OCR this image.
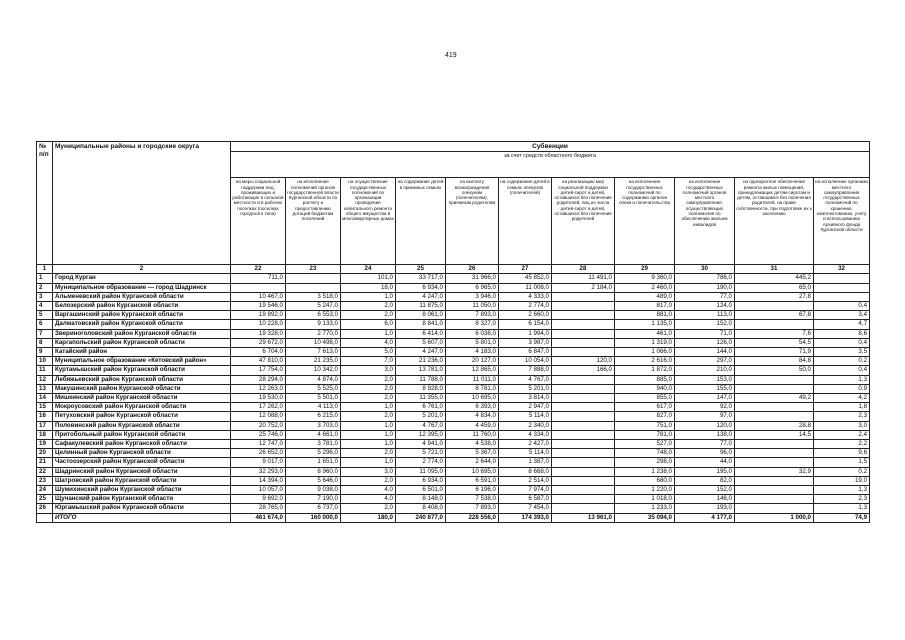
419
№ п/п	Муниципальные районы и городские округа	Субвенции										
		за счет средств областного бюджета										
		на меры социальной поддержки лиц, проживающих и работающих в сельской местности и в рабочих поселках (поселках городского типа)	на исполнение полномочий органов государственной власти Курганской области по расчету и предоставлению дотаций бюджетам поселений	на осуществление государственных полномочий по организации проведения капитального ремонта общего имущества в многоквартирных домах	на содержание детей в приемных семьях	на выплату вознаграждения опекунам (попечителям), приемным родителям	на содержание детей в семьях опекунов (попечителей)	на реализацию мер социальной поддержки детей-сирот и детей, оставшихся без попечения родителей, лиц из числа детей-сирот и детей, оставшихся без попечения родителей	на исполнение государственных полномочий по содержанию органов опеки и попечительства	на исполнение государственных полномочий органов местного самоуправления, осуществляющих полномочия по обеспечению жильем инвалидов	на однократное обеспечение ремонта жилых помещений, принадлежащих детям-сиротам и детям, оставшимся без попечения родителей, на праве собственности, при подготовке их к заселению	на исполнение органами местного самоуправления государственных полномочий по хранению, комплектованию, учету и использованию Архивного фонда Курганской области
1	2	22	23	24	25	26	27	28	29	30	31	32
1	Город Курган	711,0		101,0	33 717,0	31 966,0	45 852,0	11 491,0	9 360,0	786,0	445,2	
2	Муниципальное образование — город Шадринск			18,0	6 934,0	6 965,0	11 008,0	2 184,0	2 460,0	190,0	65,0	
3	Альменевский район Курганской области	10 467,0	3 518,0	1,0	4 247,0	3 946,0	4 333,0		489,0	77,0	27,8	
4	Белозерский район Курганской области	19 546,0	5 247,0	2,0	11 875,0	11 050,0	2 774,0		817,0	124,0		0,4
5	Варгашинский район Курганской области	19 892,0	6 553,0	2,0	8 061,0	7 893,0	2 660,0		881,0	113,0	67,8	3,4
6	Далматовский район Курганской области	10 228,0	9 133,0	6,0	8 841,0	8 327,0	6 154,0		1 135,0	152,0		4,7
7	Звериноголовский район Курганской области	19 328,0	2 770,0	1,0	6 414,0	6 038,0	1 994,0		461,0	71,0	7,6	8,6
8	Каргапольский район Курганской области	29 672,0	10 498,0	4,0	5 607,0	5 801,0	3 987,0		1 319,0	126,0	54,5	0,4
9	Катайский район	6 704,0	7 613,0	5,0	4 247,0	4 183,0	6 847,0		1 066,0	144,0	71,9	3,5
10	Муниципальное образование «Кетовский район»	47 810,0	21 235,0	7,0	21 236,0	20 127,0	10 054,0	120,0	2 616,0	297,0	84,8	0,2
11	Куртамышский район Курганской области	17 754,0	10 342,0	3,0	13 781,0	12 865,0	7 888,0	166,0	1 872,0	210,0	50,0	0,4
12	Лебяжьевский район Курганской области	28 294,0	4 874,0	2,0	11 788,0	11 011,0	4 767,0		885,0	153,0		1,3
13	Макушинский район Курганской области	12 263,0	5 525,0	2,0	8 928,0	8 781,0	5 201,0		940,0	155,0		0,9
14	Мишкинский район Курганской области	19 530,0	5 501,0	2,0	11 355,0	10 695,0	3 814,0		855,0	147,0	49,2	4,2
15	Мокроусовский район Курганской области	17 262,0	4 113,0	1,0	6 761,0	6 393,0	2 947,0		617,0	92,0		1,8
16	Петуховский район Курганской области	12 088,0	6 215,0	2,0	5 201,0	4 834,0	5 114,0		827,0	97,0		2,3
17	Половинский район Курганской области	20 752,0	3 703,0	1,0	4 767,0	4 459,0	2 340,0		751,0	120,0	28,8	3,0
18	Притобольный район Курганской области	25 746,0	4 661,0	1,0	12 395,0	11 760,0	4 334,0		781,0	138,0	14,5	2,4
19	Сафакулевский район Курганской области	12 747,0	3 781,0	1,0	4 941,0	4 538,0	2 427,0		527,0	77,0		2,2
20	Целинный район Курганской области	26 652,0	5 296,0	2,0	5 721,0	5 367,0	5 114,0		748,0	96,0		9,6
21	Частоозерский район Курганской области	9 017,0	1 651,0	1,0	2 774,0	2 644,0	1 387,0		298,0	44,0		1,5
22	Шадринский район Курганской области	32 293,0	8 960,0	3,0	11 095,0	10 695,0	8 668,0		1 238,0	195,0	32,9	0,2
23	Шатровский район Курганской области	14 394,0	5 646,0	2,0	6 934,0	6 591,0	2 514,0		680,0	82,0		19,0
24	Шумихинский район Курганской области	10 057,0	9 038,0	4,0	6 501,0	6 196,0	7 974,0		1 220,0	152,0		1,3
25	Щучанский район Курганской области	9 692,0	7 190,0	4,0	8 148,0	7 538,0	6 587,0		1 018,0	146,0		2,3
26	Юргамышский район Курганской области	28 765,0	6 737,0	2,0	8 408,0	7 893,0	7 454,0		1 233,0	193,0		1,3
	ИТОГО	461 674,0	160 000,0	180,0	240 877,0	228 556,0	174 393,0	13 961,0	35 094,0	4 177,0	1 000,0	74,9
